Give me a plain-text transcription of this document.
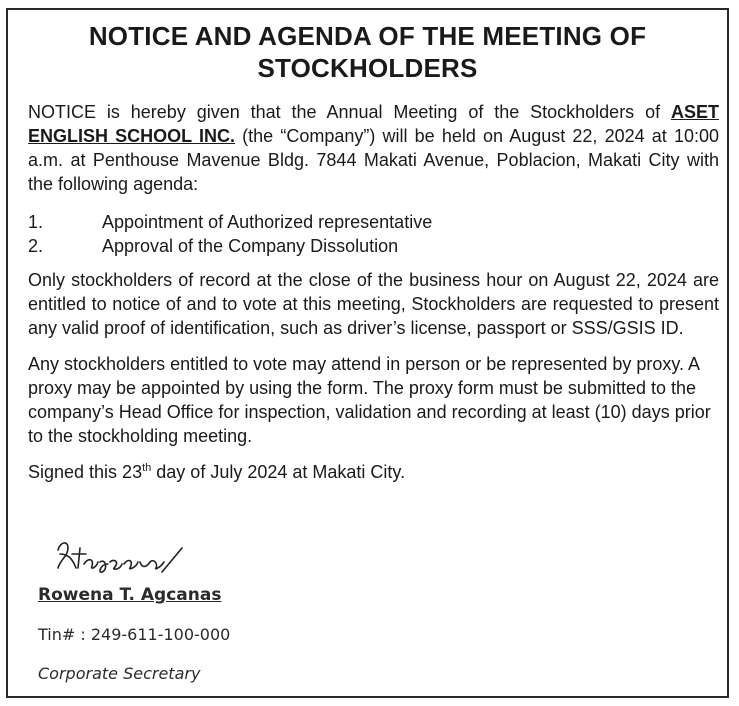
NOTICE AND AGENDA OF THE MEETING OF
STOCKHOLDERS

NOTICE is hereby given that the Annual Meeting of the Stockholders of ASET ENGLISH SCHOOL INC. (the “Company”) will be held on August 22, 2024 at 10:00 a.m. at Penthouse Mavenue Bldg. 7844 Makati Avenue, Poblacion, Makati City with the following agenda:

1.	Appointment of Authorized representative
2.	Approval of the Company Dissolution

Only stockholders of record at the close of the business hour on August 22, 2024 are entitled to notice of and to vote at this meeting, Stockholders are requested to present any valid proof of identification, such as driver’s license, passport or SSS/GSIS ID.

Any stockholders entitled to vote may attend in person or be represented by proxy. A proxy may be appointed by using the form. The proxy form must be submitted to the company’s Head Office for inspection, validation and recording at least (10) days prior to the stockholding meeting.

Signed this 23th day of July 2024 at Makati City.

Rowena T. Agcanas
Tin# : 249-611-100-000
Corporate Secretary
